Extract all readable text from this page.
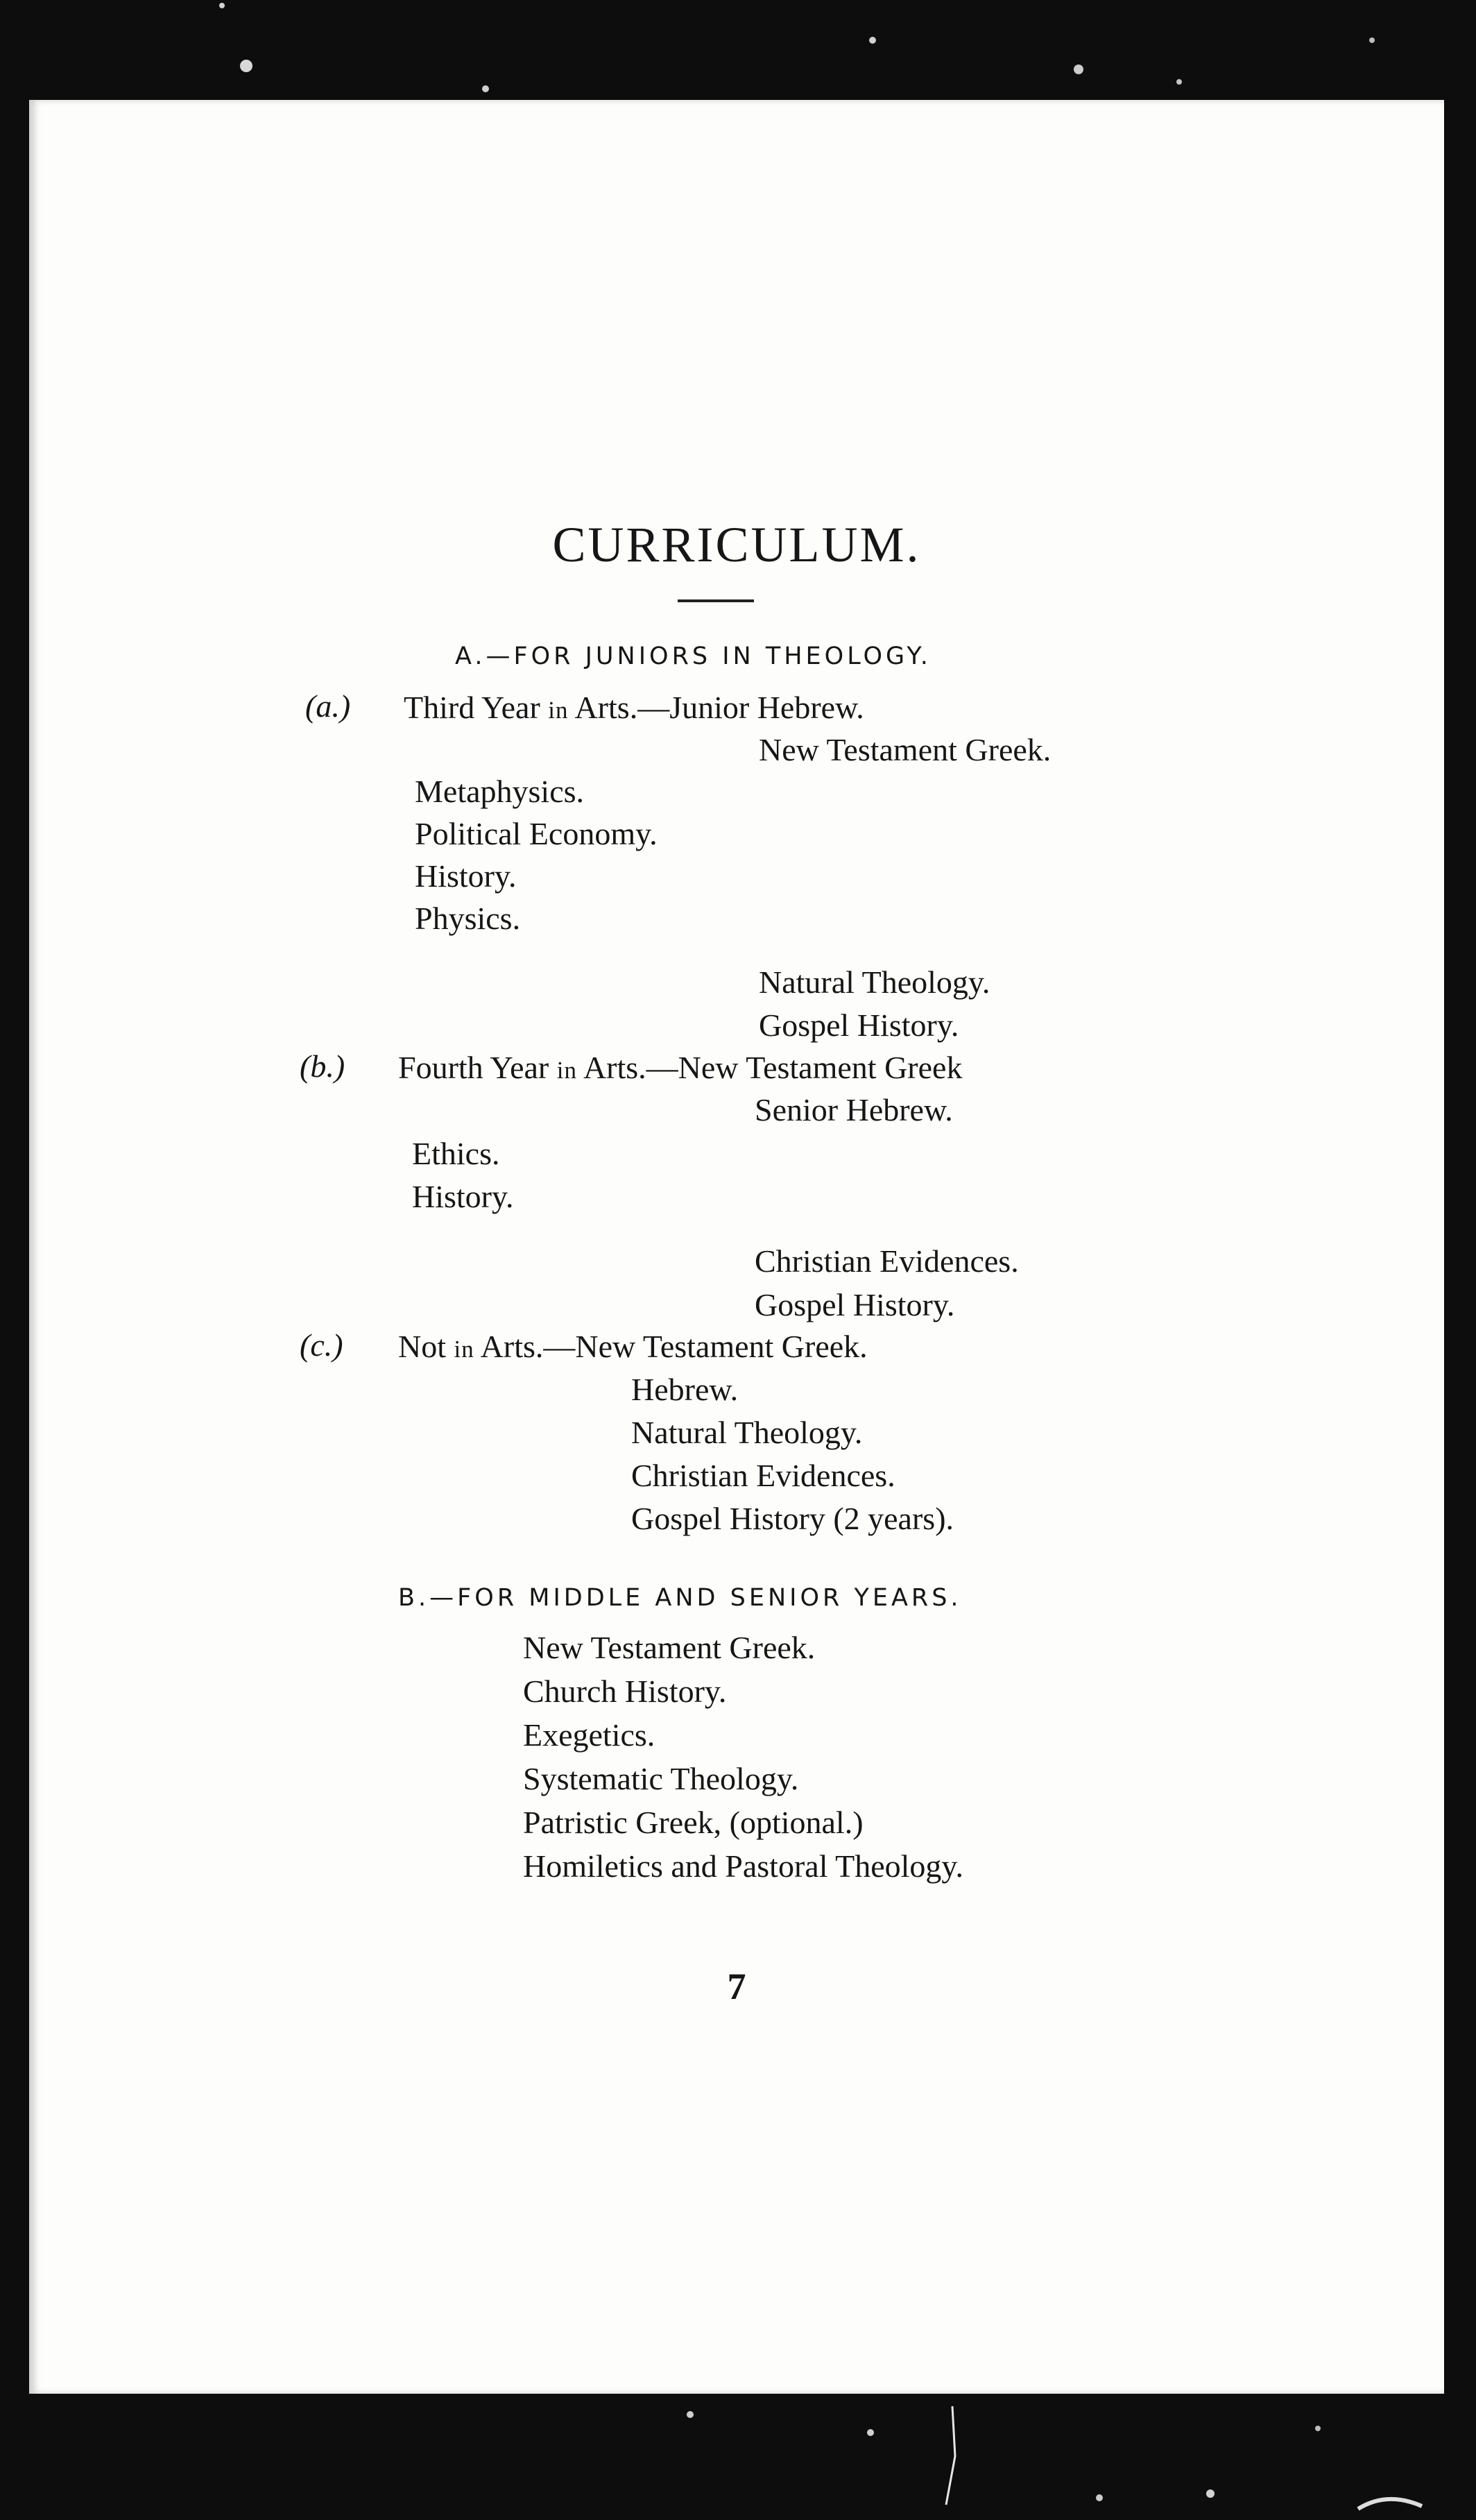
CURRICULUM.
A.—FOR JUNIORS IN THEOLOGY.
(a.) Third Year in Arts.—Junior Hebrew.
New Testament Greek.
Metaphysics.
Political Economy.
History.
Physics.
Natural Theology.
Gospel History.
(b.) Fourth Year in Arts.—New Testament Greek
Senior Hebrew.
Ethics.
History.
Christian Evidences.
Gospel History.
(c.) Not in Arts.—New Testament Greek.
Hebrew.
Natural Theology.
Christian Evidences.
Gospel History (2 years).
B.—FOR MIDDLE AND SENIOR YEARS.
New Testament Greek.
Church History.
Exegetics.
Systematic Theology.
Patristic Greek, (optional.)
Homiletics and Pastoral Theology.
7
